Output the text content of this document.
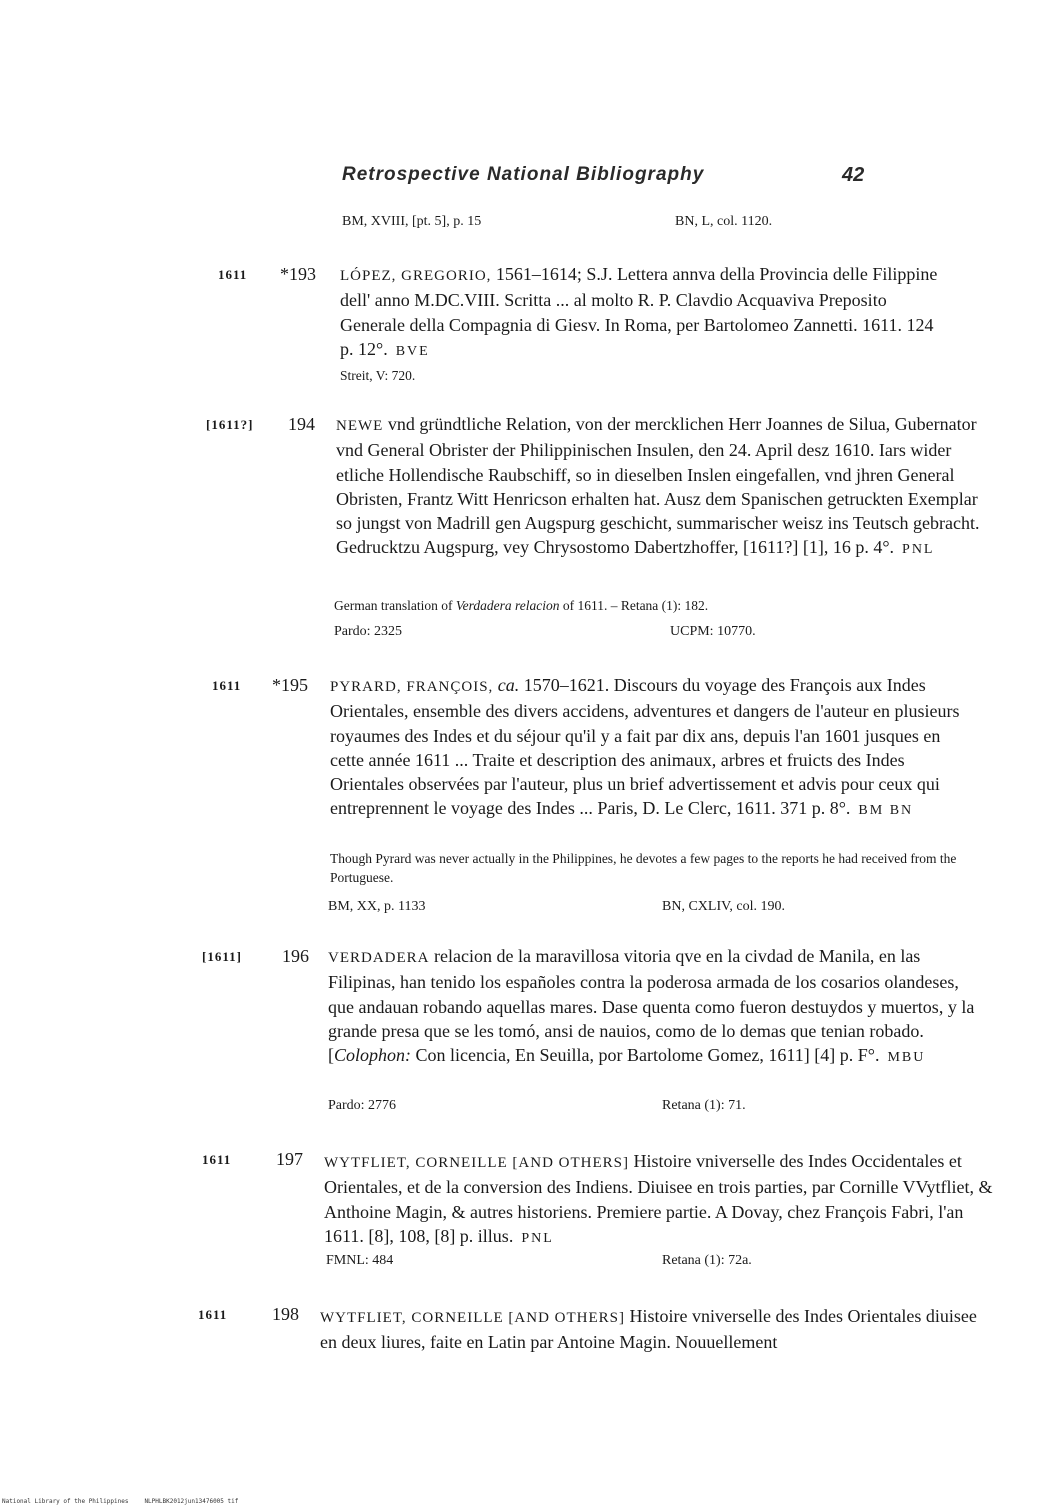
Retrospective National Bibliography	42
BM, XVIII, [pt. 5], p. 15	BN, L, col. 1120.
1611 *193 LÓPEZ, GREGORIO, 1561–1614; S.J. Lettera annva della Provincia delle Filippine dell' anno M.DC.VIII. Scritta ... al molto R. P. Clavdio Acquaviva Preposito Generale della Compagnia di Giesv. In Roma, per Bartolomeo Zannetti. 1611. 124 p. 12°. BVE
Streit, V: 720.
[1611?] 194 NEWE vnd gründtliche Relation, von der mercklichen Herr Joannes de Silua, Gubernator vnd General Obrister der Philippinischen Insulen, den 24. April desz 1610. Iars wider etliche Hollendische Raubschiff, so in dieselben Inslen eingefallen, vnd jhren General Obristen, Frantz Witt Henricson erhalten hat. Ausz dem Spanischen getruckten Exemplar so jungst von Madrill gen Augspurg geschicht, summarischer weisz ins Teutsch gebracht. Gedrucktzu Augspurg, vey Chrysostomo Dabertzhoffer, [1611?] [1], 16 p. 4°. PNL
German translation of Verdadera relacion of 1611. – Retana (1): 182.
Pardo: 2325	UCPM: 10770.
1611 *195 PYRARD, FRANÇOIS, ca. 1570–1621. Discours du voyage des François aux Indes Orientales, ensemble des divers accidens, adventures et dangers de l'auteur en plusieurs royaumes des Indes et du séjour qu'il y a fait par dix ans, depuis l'an 1601 jusques en cette année 1611 ... Traite et description des animaux, arbres et fruicts des Indes Orientales observées par l'auteur, plus un brief advertissement et advis pour ceux qui entreprennent le voyage des Indes ... Paris, D. Le Clerc, 1611. 371 p. 8°. BM BN
Though Pyrard was never actually in the Philippines, he devotes a few pages to the reports he had received from the Portuguese.
BM, XX, p. 1133	BN, CXLIV, col. 190.
[1611] 196 VERDADERA relacion de la maravillosa vitoria qve en la civdad de Manila, en las Filipinas, han tenido los españoles contra la poderosa armada de los cosarios olandeses, que andauan robando aquellas mares. Dase quenta como fueron destuydos y muertos, y la grande presa que se les tomó, ansi de nauios, como de lo demas que tenian robado. [Colophon: Con licencia, En Seuilla, por Bartolome Gomez, 1611] [4] p. F°. MBU
Pardo: 2776	Retana (1): 71.
1611 197 WYTFLIET, CORNEILLE [AND OTHERS] Histoire vniverselle des Indes Occidentales et Orientales, et de la conversion des Indiens. Diuisee en trois parties, par Cornille VVytfliet, & Anthoine Magin, & autres historiens. Premiere partie. A Dovay, chez François Fabri, l'an 1611. [8], 108, [8] p. illus. PNL
FMNL: 484	Retana (1): 72a.
1611 198 WYTFLIET, CORNEILLE [AND OTHERS] Histoire vniverselle des Indes Orientales diuisee en deux liures, faite en Latin par Antoine Magin. Nouuellement
National Library of the Philippines	NLPHLBK2012jun13476005 tif
